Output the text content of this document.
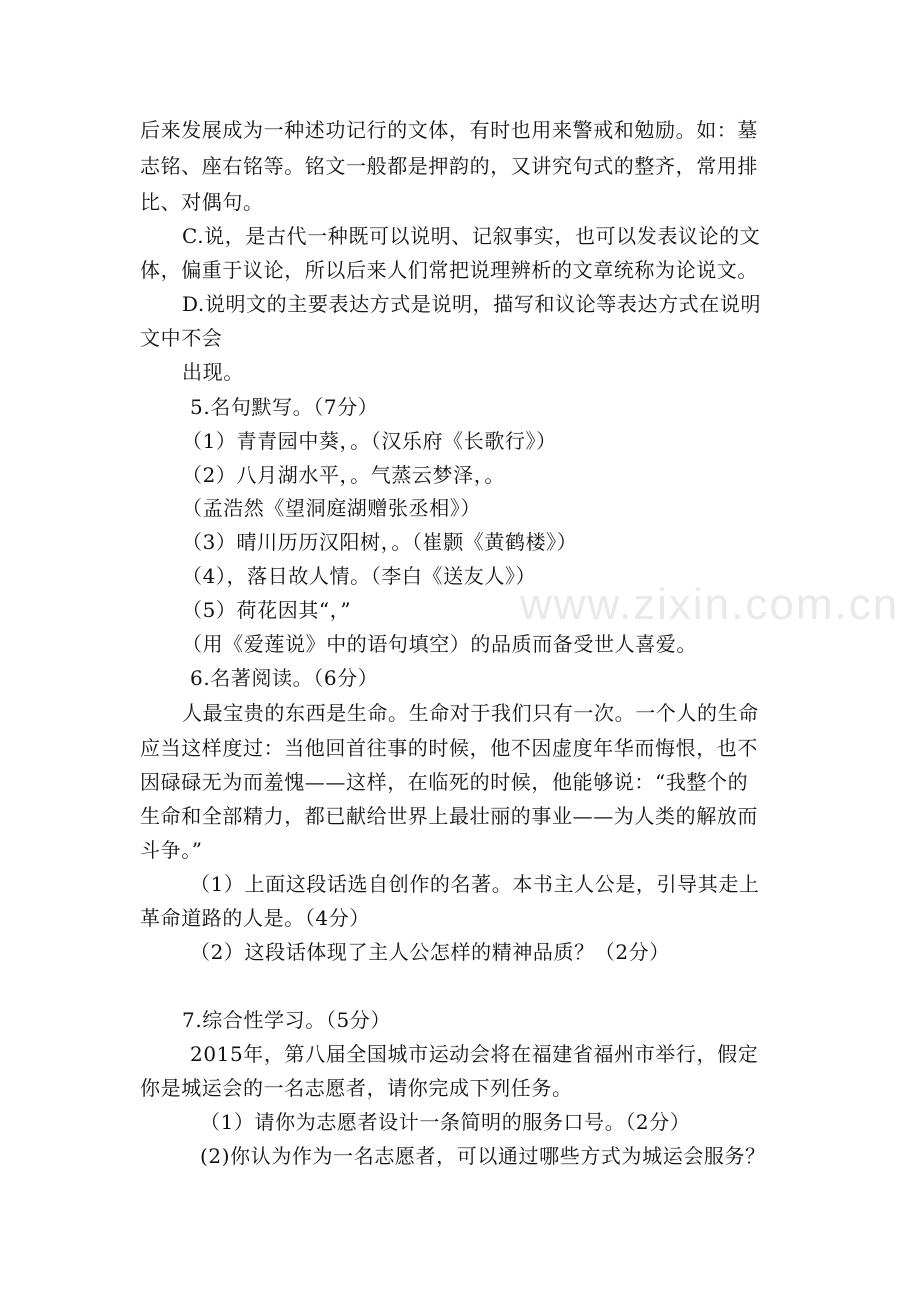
www.zixin.com.cn
后来发展成为一种述功记行的文体，有时也用来警戒和勉励。如：墓
志铭、座右铭等。铭文一般都是押韵的，又讲究句式的整齐，常用排
比、对偶句。
C.说，是古代一种既可以说明、记叙事实，也可以发表议论的文
体，偏重于议论，所以后来人们常把说理辨析的文章统称为论说文。
D.说明文的主要表达方式是说明，描写和议论等表达方式在说明
文中不会
出现。
5.名句默写。（7分）
（1）青青园中葵，。（汉乐府《长歌行》）
（2）八月湖水平，。气蒸云梦泽，。
（孟浩然《望洞庭湖赠张丞相》）
（3）晴川历历汉阳树，。（崔颢《黄鹤楼》）
（4），落日故人情。（李白《送友人》）
（5）荷花因其“，”
（用《爱莲说》中的语句填空）的品质而备受世人喜爱。
6.名著阅读。（6分）
人最宝贵的东西是生命。生命对于我们只有一次。一个人的生命
应当这样度过：当他回首往事的时候，他不因虚度年华而悔恨，也不
因碌碌无为而羞愧——这样，在临死的时候，他能够说：“我整个的
生命和全部精力，都已献给世界上最壮丽的事业——为人类的解放而
斗争。”
（1）上面这段话选自创作的名著。本书主人公是，引导其走上
革命道路的人是。（4分）
（2）这段话体现了主人公怎样的精神品质？（2分）
7.综合性学习。（5分）
2015年，第八届全国城市运动会将在福建省福州市举行，假定
你是城运会的一名志愿者，请你完成下列任务。
（1）请你为志愿者设计一条简明的服务口号。（2分）
(2)你认为作为一名志愿者，可以通过哪些方式为城运会服务？
